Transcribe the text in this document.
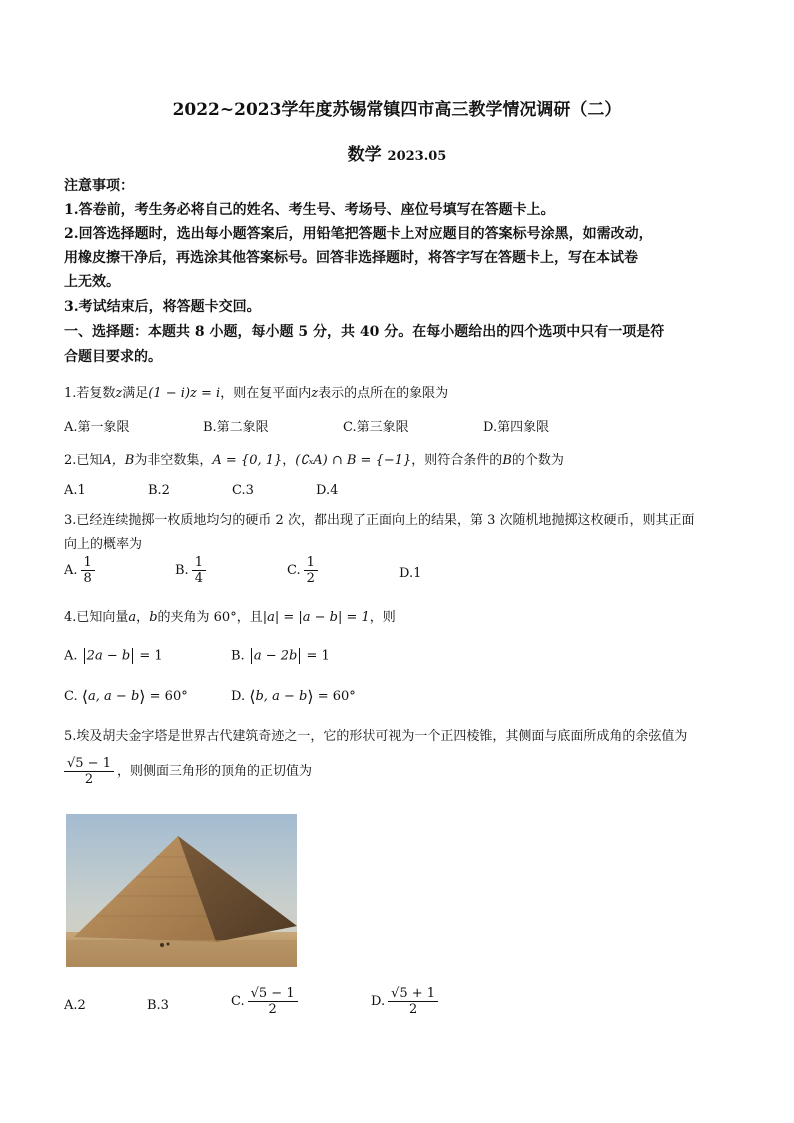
2022~2023学年度苏锡常镇四市高三教学情况调研（二）
数学 2023.05
注意事项：
1.答卷前，考生务必将自己的姓名、考生号、考场号、座位号填写在答题卡上。
2.回答选择题时，选出每小题答案后，用铅笔把答题卡上对应题目的答案标号涂黑，如需改动，
用橡皮擦干净后，再选涂其他答案标号。回答非选择题时，将答字写在答题卡上，写在本试卷
上无效。
3.考试结束后，将答题卡交回。
一、选择题：本题共 8 小题，每小题 5 分，共 40 分。在每小题给出的四个选项中只有一项是符
合题目要求的。
1.若复数z满足(1 − i)z = i，则在复平面内z表示的点所在的象限为
A.第一象限	B.第二象限	C.第三象限	D.第四象限
2.已知A，B为非空数集，A = {0, 1}，(∁ₓA) ∩ B = {−1}，则符合条件的B的个数为
A.1	B.2	C.3	D.4
3.已经连续抛掷一枚质地均匀的硬币 2 次，都出现了正面向上的结果，第 3 次随机地抛掷这枚硬币，则其正面
向上的概率为
A. $\frac{1}{8}$	B. $\frac{1}{4}$	C. $\frac{1}{2}$	D.1
4.已知向量a，b的夹角为 60°，且|a| = |a − b| = 1，则
A. 2a − b = 1	B. a − 2b = 1
C. ⟨a, a − b⟩ = 60°	D. ⟨b, a − b⟩ = 60°
5.埃及胡夫金字塔是世界古代建筑奇迹之一，它的形状可视为一个正四棱锥，其侧面与底面所成角的余弦值为
$\frac{√5 - 1}{2}$ ，则侧面三角形的顶角的正切值为
A.2	B.3	C. $\frac{√5 - 1}{2}$	D. $\frac{√5 + 1}{2}$
